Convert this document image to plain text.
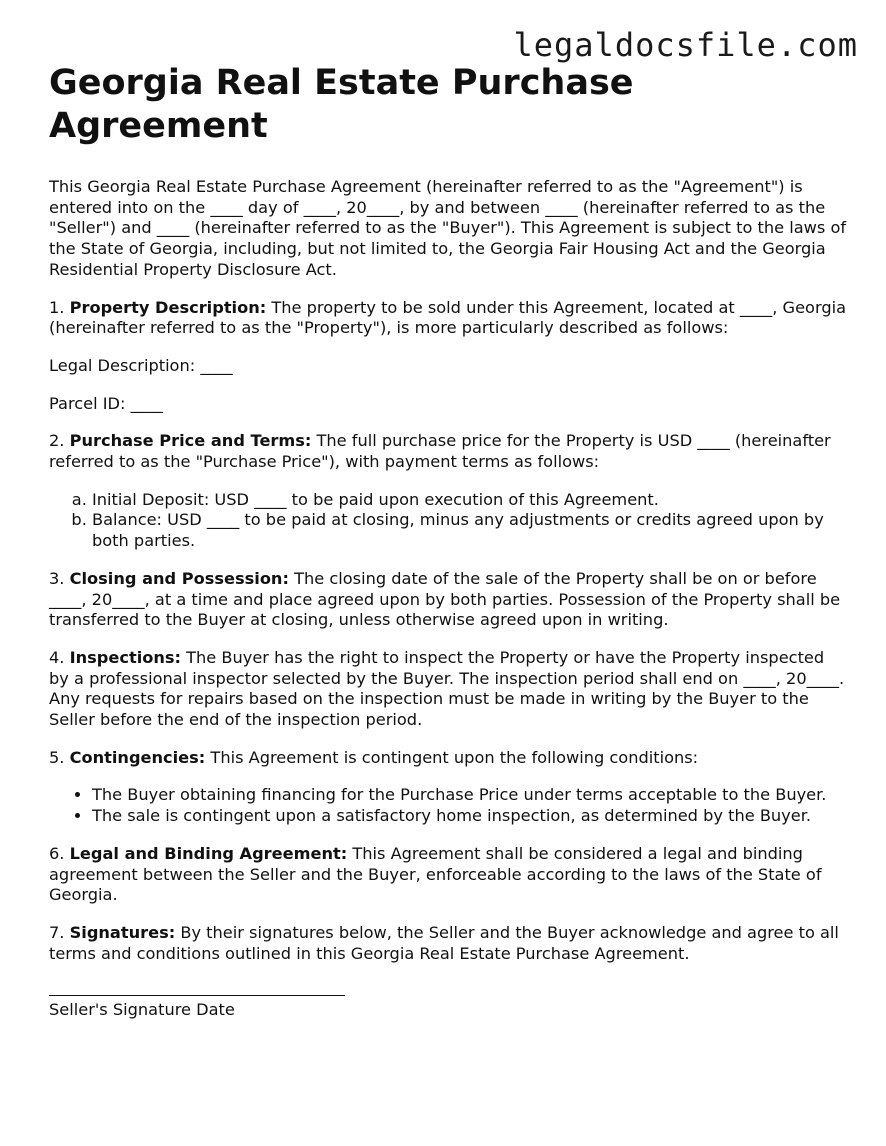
legaldocsfile.com
Georgia Real Estate Purchase Agreement

This Georgia Real Estate Purchase Agreement (hereinafter referred to as the "Agreement") is entered into on the ____ day of ____, 20____, by and between ____ (hereinafter referred to as the "Seller") and ____ (hereinafter referred to as the "Buyer"). This Agreement is subject to the laws of the State of Georgia, including, but not limited to, the Georgia Fair Housing Act and the Georgia Residential Property Disclosure Act.

1. Property Description: The property to be sold under this Agreement, located at ____, Georgia (hereinafter referred to as the "Property"), is more particularly described as follows:

Legal Description: ____

Parcel ID: ____

2. Purchase Price and Terms: The full purchase price for the Property is USD ____ (hereinafter referred to as the "Purchase Price"), with payment terms as follows:

a. Initial Deposit: USD ____ to be paid upon execution of this Agreement.
b. Balance: USD ____ to be paid at closing, minus any adjustments or credits agreed upon by both parties.

3. Closing and Possession: The closing date of the sale of the Property shall be on or before ____, 20____, at a time and place agreed upon by both parties. Possession of the Property shall be transferred to the Buyer at closing, unless otherwise agreed upon in writing.

4. Inspections: The Buyer has the right to inspect the Property or have the Property inspected by a professional inspector selected by the Buyer. The inspection period shall end on ____, 20____. Any requests for repairs based on the inspection must be made in writing by the Buyer to the Seller before the end of the inspection period.

5. Contingencies: This Agreement is contingent upon the following conditions:

• The Buyer obtaining financing for the Purchase Price under terms acceptable to the Buyer.
• The sale is contingent upon a satisfactory home inspection, as determined by the Buyer.

6. Legal and Binding Agreement: This Agreement shall be considered a legal and binding agreement between the Seller and the Buyer, enforceable according to the laws of the State of Georgia.

7. Signatures: By their signatures below, the Seller and the Buyer acknowledge and agree to all terms and conditions outlined in this Georgia Real Estate Purchase Agreement.

Seller's Signature Date
